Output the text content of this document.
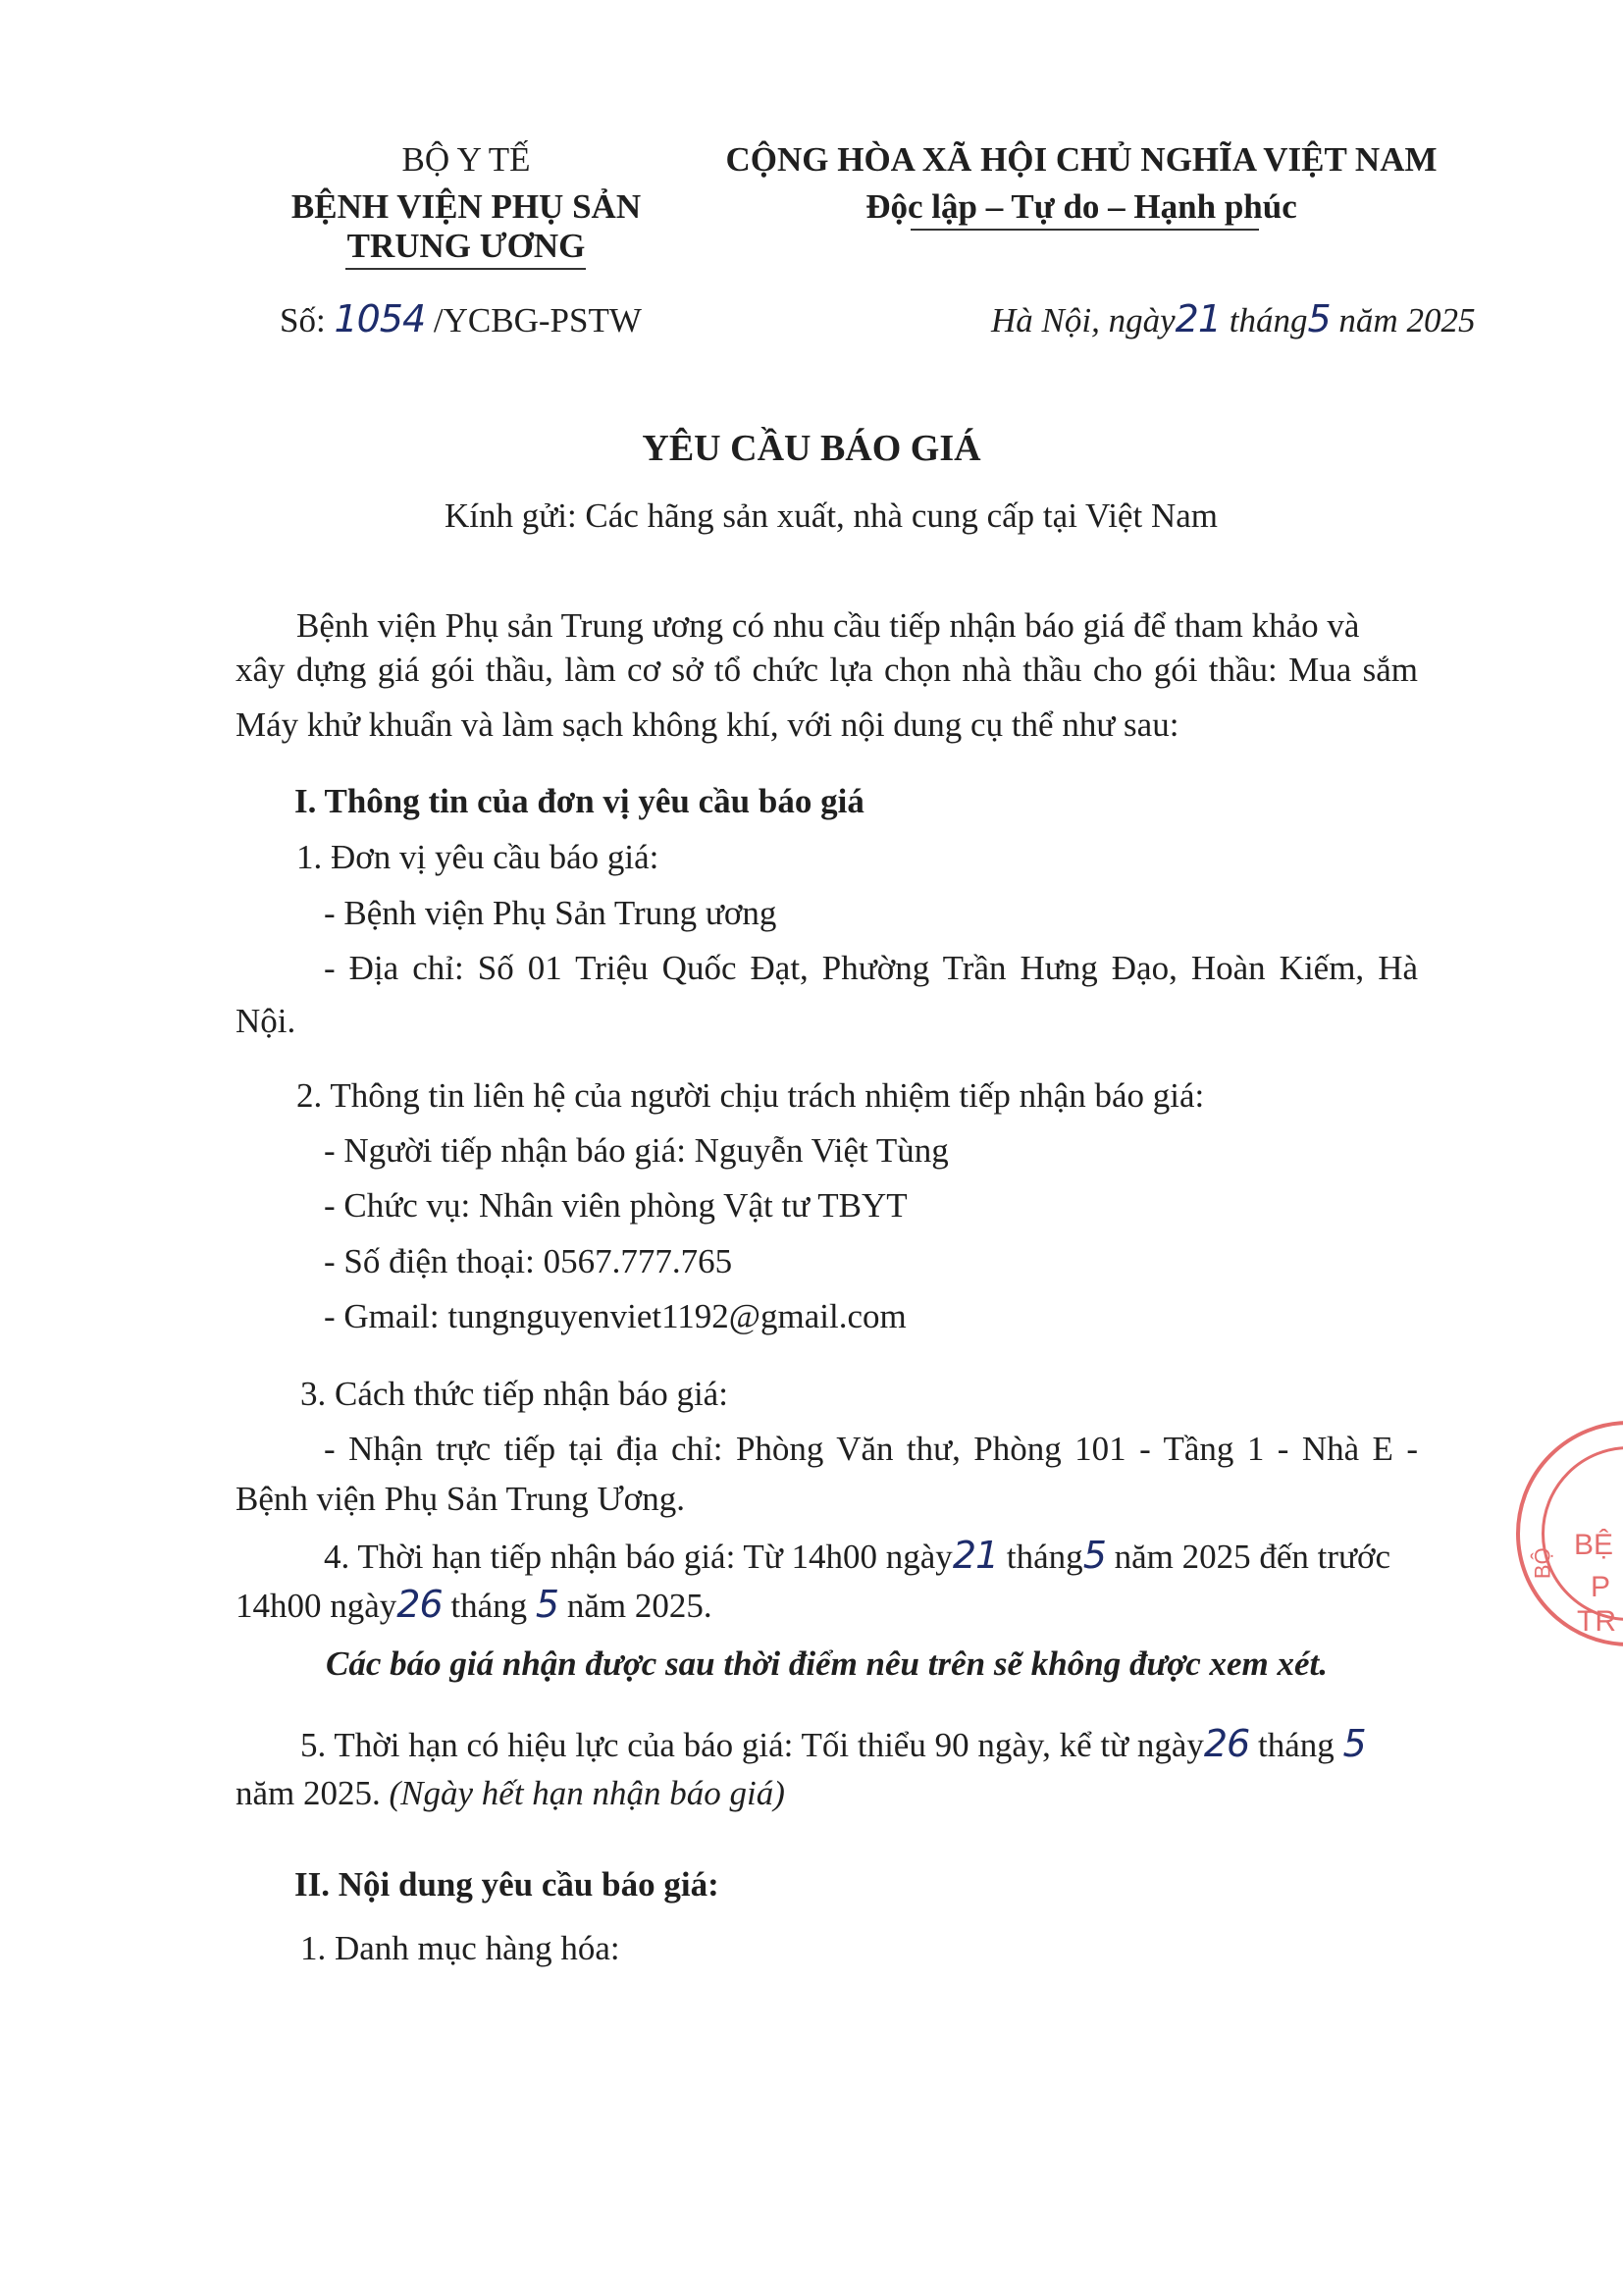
BỘ Y TẾ
BỆNH VIỆN PHỤ SẢN
TRUNG ƯƠNG
CỘNG HÒA XÃ HỘI CHỦ NGHĨA VIỆT NAM
Độc lập – Tự do – Hạnh phúc
Số: 1054 /YCBG-PSTW	Hà Nội, ngày21 tháng5 năm 2025
YÊU CẦU BÁO GIÁ
Kính gửi: Các hãng sản xuất, nhà cung cấp tại Việt Nam
Bệnh viện Phụ sản Trung ương có nhu cầu tiếp nhận báo giá để tham khảo và
xây dựng giá gói thầu, làm cơ sở tổ chức lựa chọn nhà thầu cho gói thầu: Mua sắm
Máy khử khuẩn và làm sạch không khí, với nội dung cụ thể như sau:
I. Thông tin của đơn vị yêu cầu báo giá
1. Đơn vị yêu cầu báo giá:
- Bệnh viện Phụ Sản Trung ương
- Địa chỉ: Số 01 Triệu Quốc Đạt, Phường Trần Hưng Đạo, Hoàn Kiếm, Hà
Nội.
2. Thông tin liên hệ của người chịu trách nhiệm tiếp nhận báo giá:
- Người tiếp nhận báo giá: Nguyễn Việt Tùng
- Chức vụ: Nhân viên phòng Vật tư TBYT
- Số điện thoại: 0567.777.765
- Gmail: tungnguyenviet1192@gmail.com
3. Cách thức tiếp nhận báo giá:
- Nhận trực tiếp tại địa chỉ: Phòng Văn thư, Phòng 101 - Tầng 1 - Nhà E -
Bệnh viện Phụ Sản Trung Ương.
4. Thời hạn tiếp nhận báo giá: Từ 14h00 ngày21 tháng5 năm 2025 đến trước
14h00 ngày26 tháng 5 năm 2025.
Các báo giá nhận được sau thời điểm nêu trên sẽ không được xem xét.
5. Thời hạn có hiệu lực của báo giá: Tối thiểu 90 ngày, kể từ ngày26 tháng 5
năm 2025. (Ngày hết hạn nhận báo giá)
II. Nội dung yêu cầu báo giá:
1. Danh mục hàng hóa:
BỆ
P
TR
BỘ
